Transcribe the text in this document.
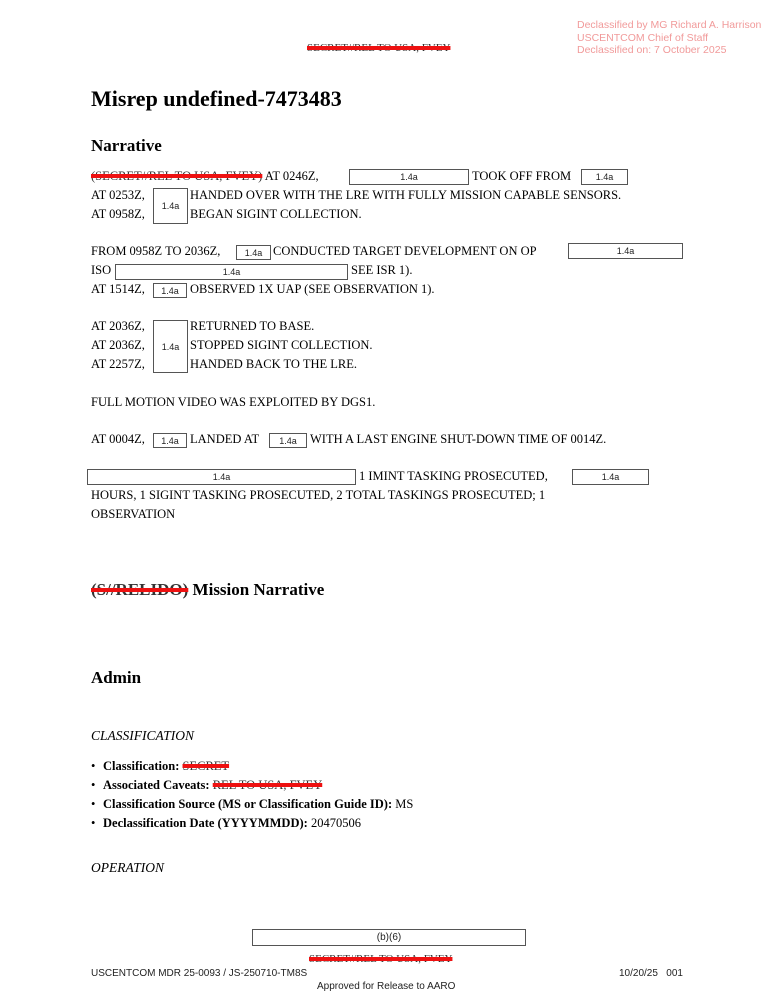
Declassified by MG Richard A. Harrison
USCENTCOM Chief of Staff
Declassified on: 7 October 2025
SECRET//REL TO USA, FVEY
Misrep undefined-7473483
Narrative
(SECRET//REL TO USA, FVEY) AT 0246Z,	1.4a	TOOK OFF FROM	1.4a
AT 0253Z,
AT 0958Z,
1.4a
HANDED OVER WITH THE LRE WITH FULLY MISSION CAPABLE SENSORS.
BEGAN SIGINT COLLECTION.
FROM 0958Z TO 2036Z,	1.4a CONDUCTED TARGET DEVELOPMENT ON OP	1.4a
ISO	1.4a	SEE ISR 1).
AT 1514Z,	1.4a OBSERVED 1X UAP (SEE OBSERVATION 1).
AT 2036Z,
AT 2036Z,
AT 2257Z,
1.4a
RETURNED TO BASE.
STOPPED SIGINT COLLECTION.
HANDED BACK TO THE LRE.
FULL MOTION VIDEO WAS EXPLOITED BY DGS1.
AT 0004Z,	1.4a LANDED AT	1.4a	WITH A LAST ENGINE SHUT-DOWN TIME OF 0014Z.
1.4a	1 IMINT TASKING PROSECUTED,	1.4a
HOURS, 1 SIGINT TASKING PROSECUTED, 2 TOTAL TASKINGS PROSECUTED; 1
OBSERVATION
(S//RELIDO) Mission Narrative
Admin
CLASSIFICATION
• Classification: SECRET
• Associated Caveats: REL TO USA, FVEY
• Classification Source (MS or Classification Guide ID): MS
• Declassification Date (YYYYMMDD): 20470506
OPERATION
(b)(6)
SECRET//REL TO USA, FVEY
USCENTCOM MDR 25-0093 / JS-250710-TM8S	10/20/25   001
Approved for Release to AARO
